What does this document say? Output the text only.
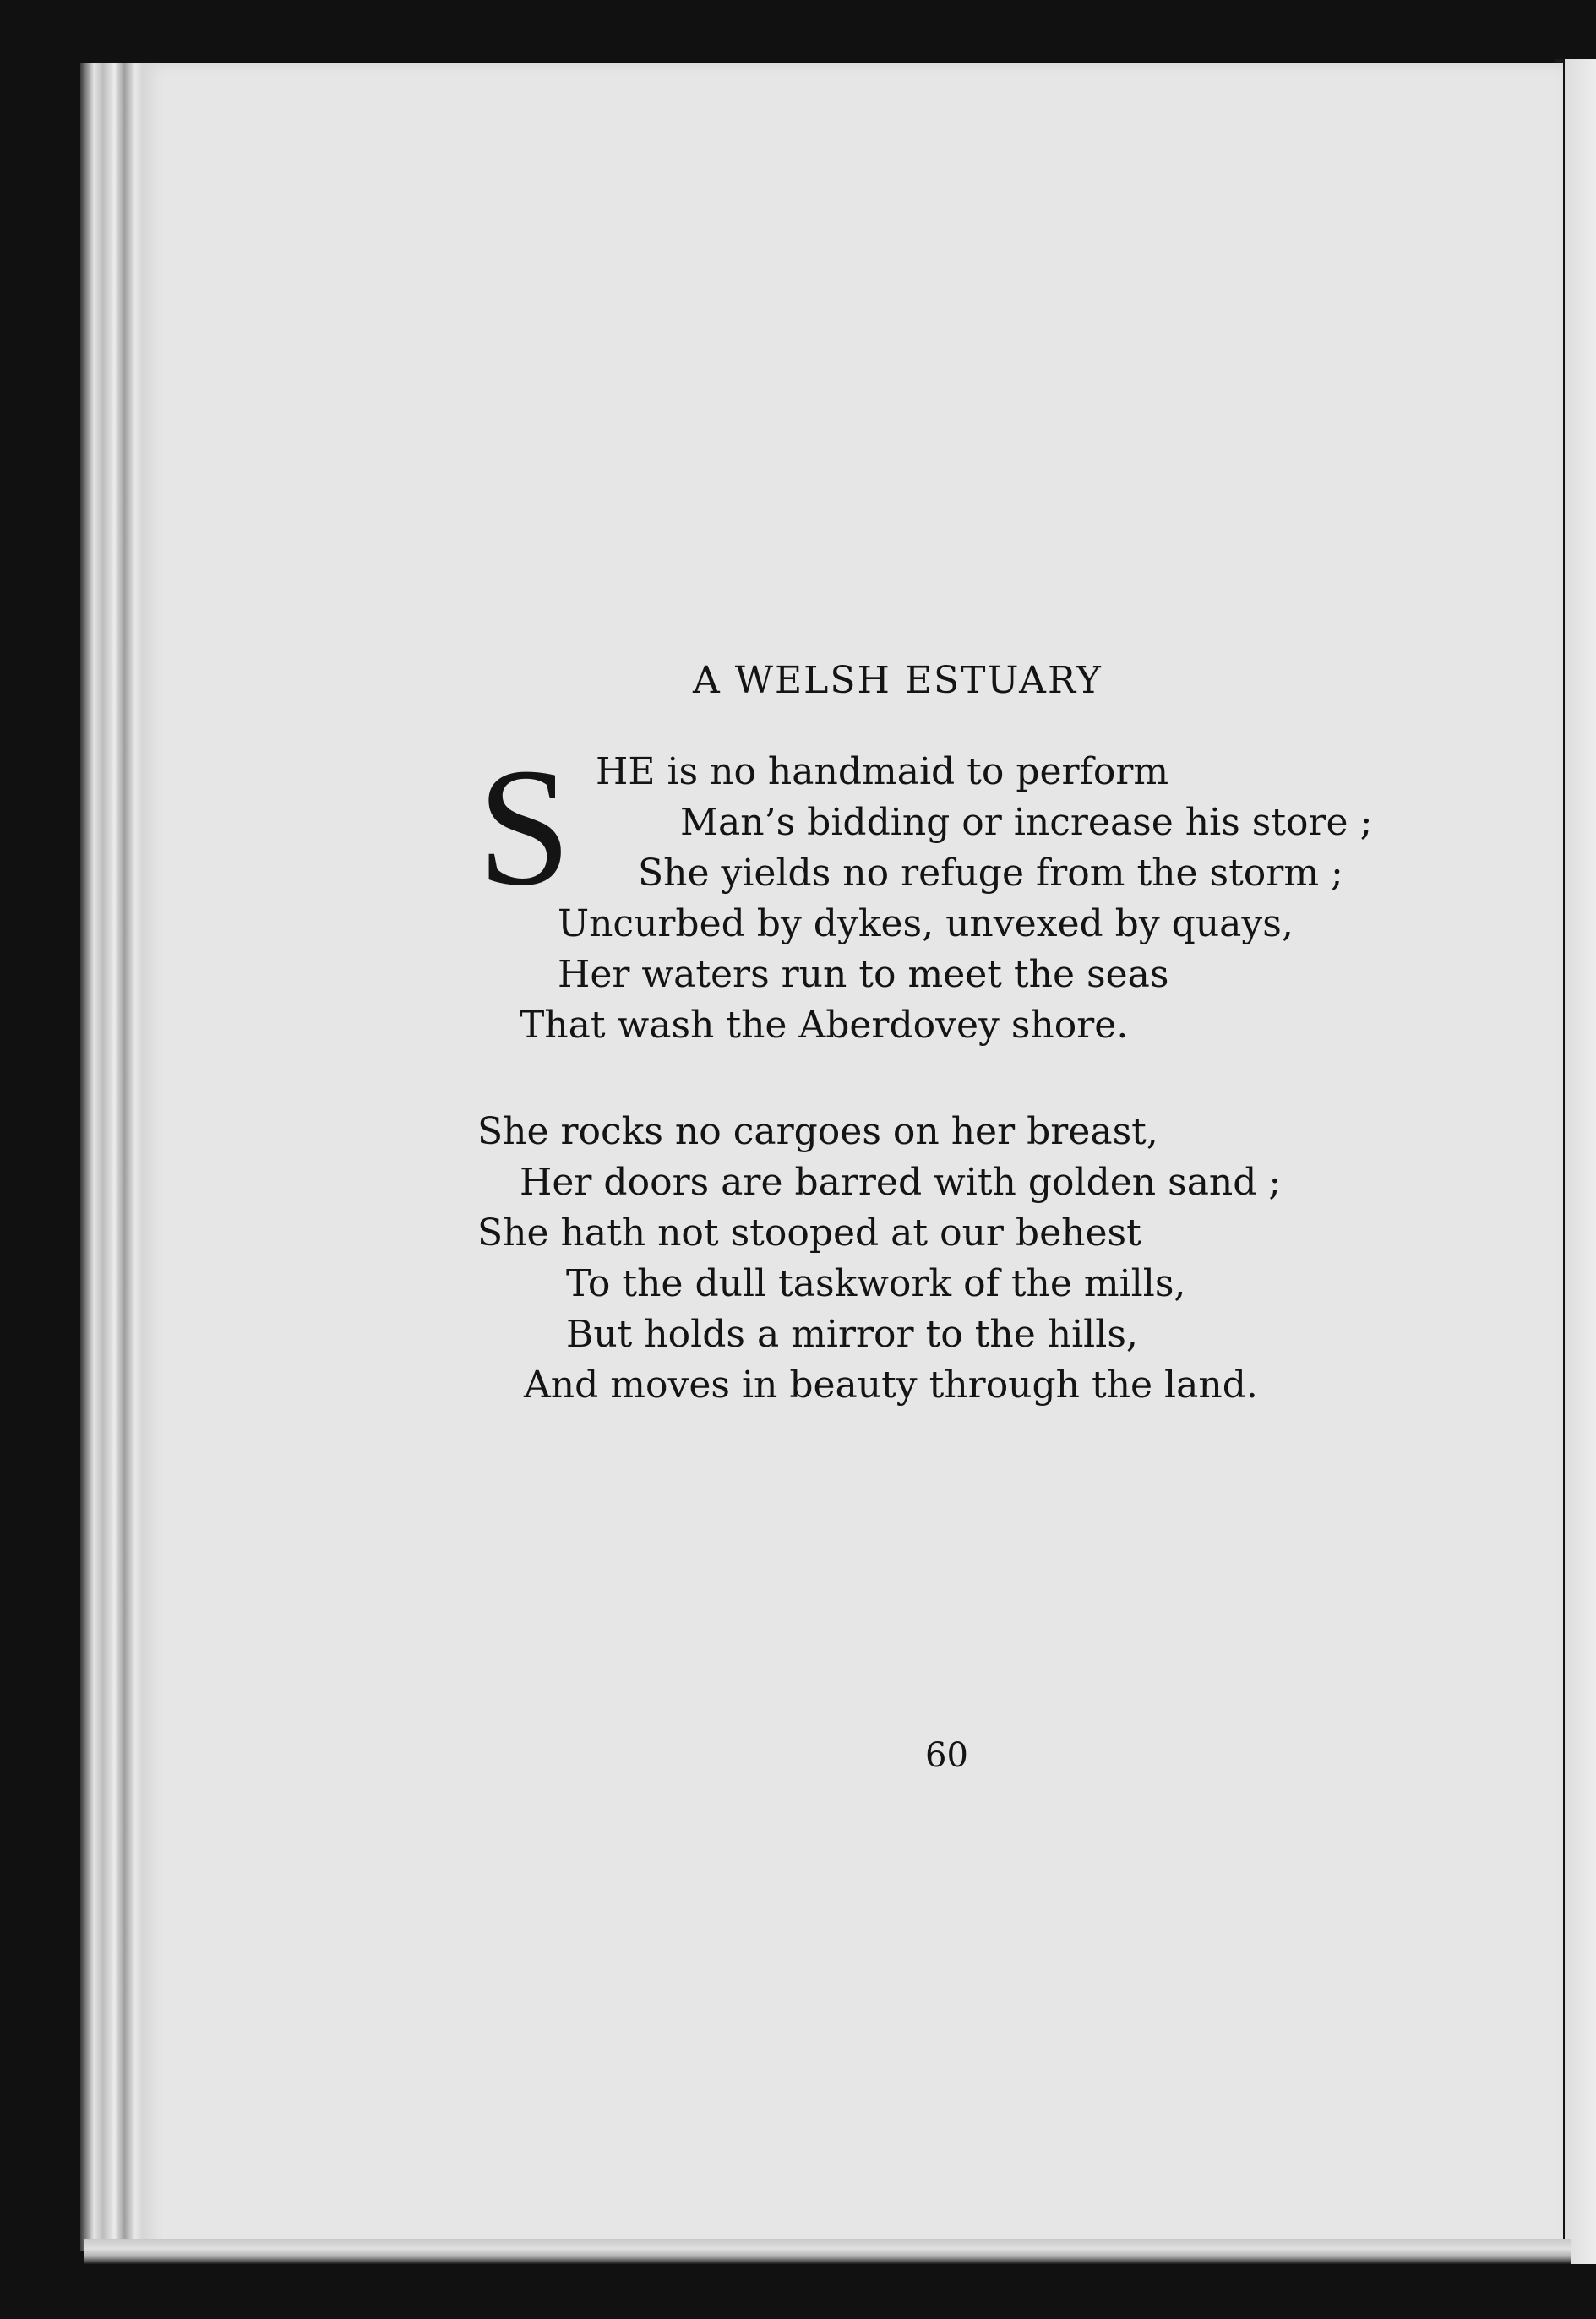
A WELSH ESTUARY
S HE is no handmaid to perform
Man’s bidding or increase his store ;
She yields no refuge from the storm ;
Uncurbed by dykes, unvexed by quays,
Her waters run to meet the seas
That wash the Aberdovey shore.
She rocks no cargoes on her breast,
Her doors are barred with golden sand ;
She hath not stooped at our behest
To the dull taskwork of the mills,
But holds a mirror to the hills,
And moves in beauty through the land.
60
